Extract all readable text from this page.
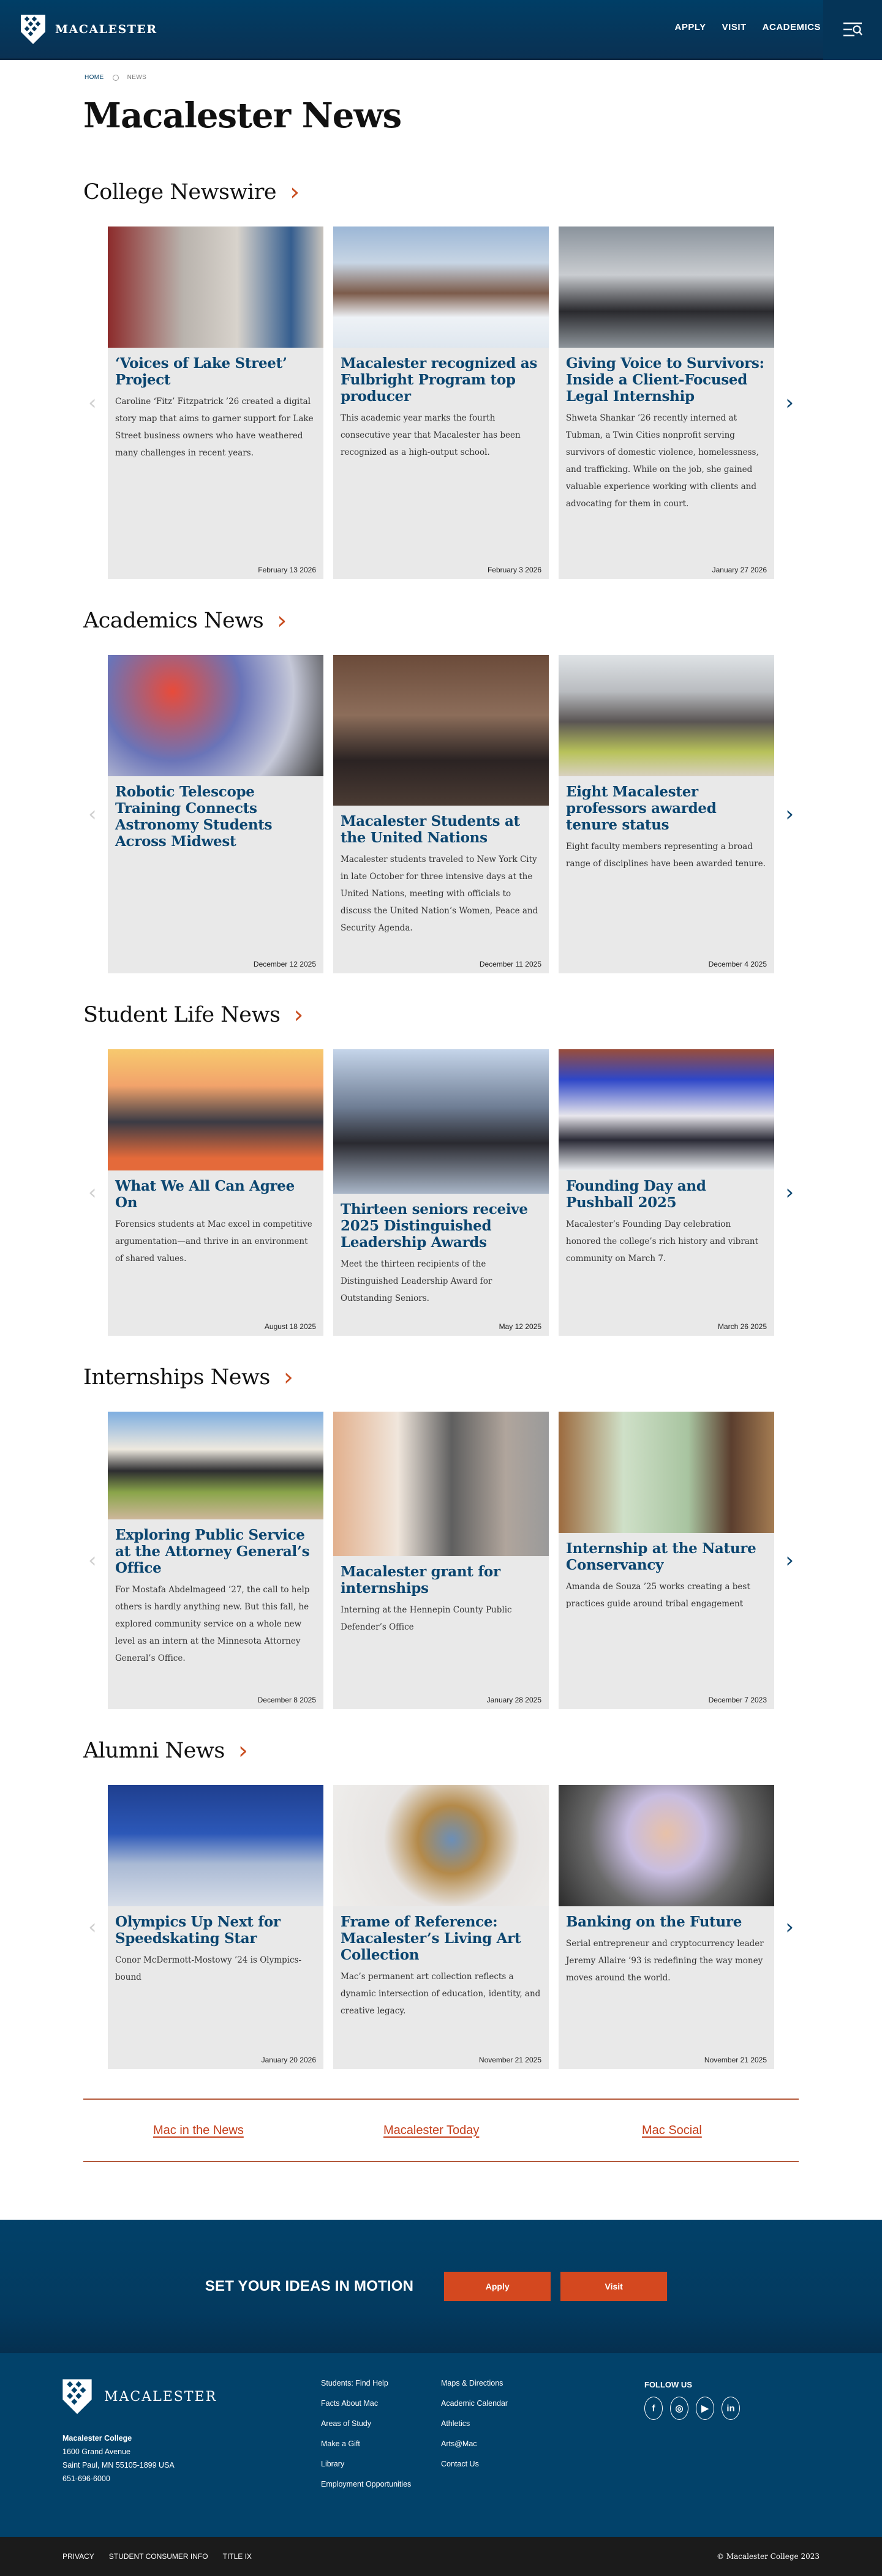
MACALESTER	APPLY VISIT ACADEMICS
HOME	NEWS
Macalester News
College Newswire ›
‹
‘Voices of Lake Street’ Project

Caroline ‘Fitz’ Fitzpatrick ’26 created a digital story map that aims to garner support for Lake Street business owners who have weathered many challenges in recent years.

February 13 2026
Macalester recognized as Fulbright Program top producer

This academic year marks the fourth consecutive year that Macalester has been recognized as a high-output school.

February 3 2026
Giving Voice to Survivors: Inside a Client-Focused Legal Internship

Shweta Shankar ’26 recently interned at Tubman, a Twin Cities nonprofit serving survivors of domestic violence, homelessness, and trafficking. While on the job, she gained valuable experience working with clients and advocating for them in court.

January 27 2026
›
Academics News ›
‹
Robotic Telescope Training Connects Astronomy Students Across Midwest

December 12 2025
Macalester Students at the United Nations

Macalester students traveled to New York City in late October for three intensive days at the United Nations, meeting with officials to discuss the United Nation’s Women, Peace and Security Agenda.

December 11 2025
Eight Macalester professors awarded tenure status

Eight faculty members representing a broad range of disciplines have been awarded tenure.

December 4 2025
›
Student Life News ›
‹ What We All Can Agree On

Forensics students at Mac excel in competitive argumentation—and thrive in an environment of shared values.

August 18 2025
Thirteen seniors receive 2025 Distinguished Leadership Awards

Meet the thirteen recipients of the Distinguished Leadership Award for Outstanding Seniors.

May 12 2025
Founding Day and Pushball 2025

Macalester’s Founding Day celebration honored the college’s rich history and vibrant community on March 7.

March 26 2025
›
Internships News ›
‹
Exploring Public Service at the Attorney General’s Office

For Mostafa Abdelmageed ’27, the call to help others is hardly anything new. But this fall, he explored community service on a whole new level as an intern at the Minnesota Attorney General’s Office.

December 8 2025
Macalester grant for internships

Interning at the Hennepin County Public Defender’s Office

January 28 2025
Internship at the Nature Conservancy

Amanda de Souza ’25 works creating a best practices guide around tribal engagement

December 7 2023
›
Alumni News ›
‹ Olympics Up Next for Speedskating Star

Conor McDermott-Mostowy ’24 is Olympics-bound

January 20 2026
Frame of Reference: Macalester’s Living Art Collection

Mac’s permanent art collection reflects a dynamic intersection of education, identity, and creative legacy.

November 21 2025
Banking on the Future

Serial entrepreneur and cryptocurrency leader Jeremy Allaire ’93 is redefining the way money moves around the world.

November 21 2025
›
Mac in the News	Macalester Today	Mac Social
SET YOUR IDEAS IN MOTION	Apply	Visit
MACALESTER
Macalester College
1600 Grand Avenue
Saint Paul, MN 55105-1899 USA
651-696-6000
Students: Find Help
Facts About Mac
Areas of Study
Make a Gift
Library
Employment Opportunities
Maps & Directions
Academic Calendar
Athletics
Arts@Mac
Contact Us
FOLLOW US
f	◎	▶	in
PRIVACY STUDENT CONSUMER INFO TITLE IX	© Macalester College 2023
